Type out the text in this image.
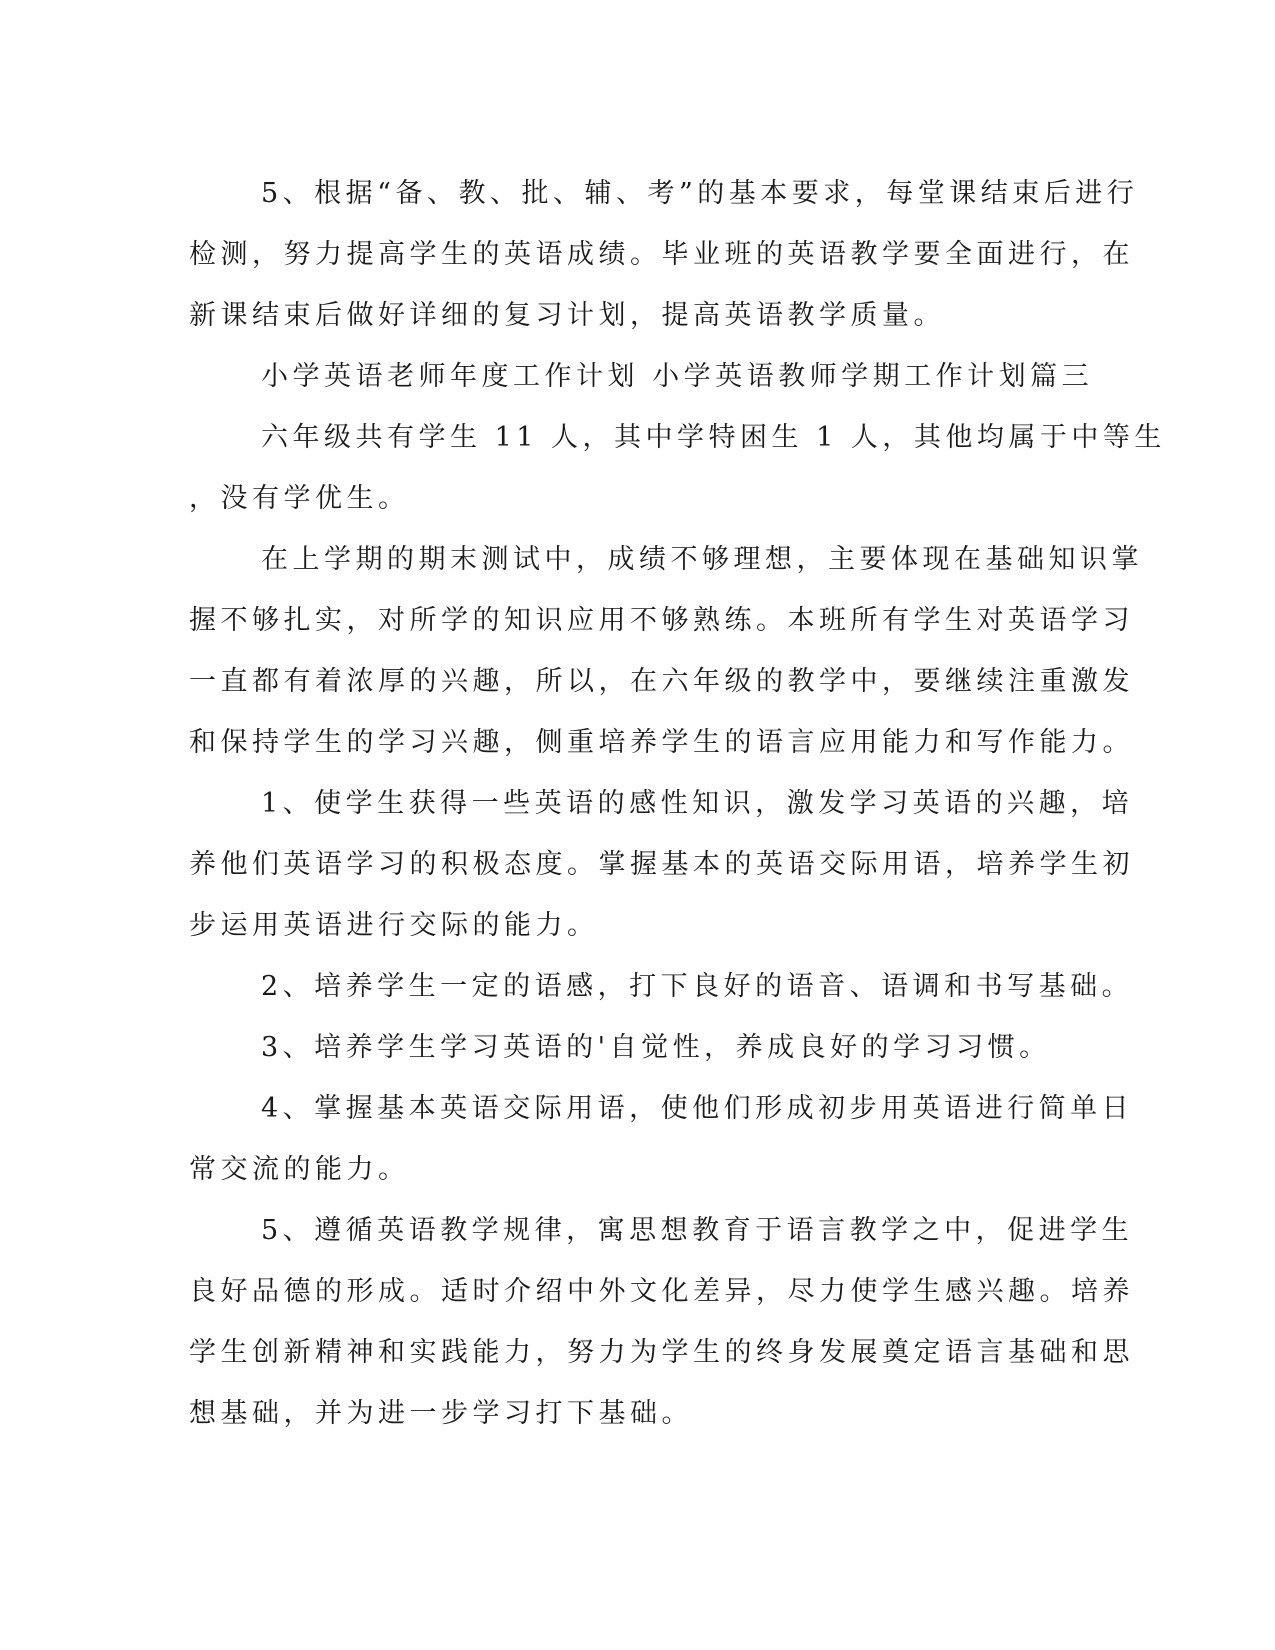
5、根据“备、教、批、辅、考”的基本要求，每堂课结束后进行
检测，努力提高学生的英语成绩。毕业班的英语教学要全面进行，在
新课结束后做好详细的复习计划，提高英语教学质量。
小学英语老师年度工作计划 小学英语教师学期工作计划篇三
六年级共有学生 11 人，其中学特困生 1 人，其他均属于中等生
，没有学优生。
在上学期的期末测试中，成绩不够理想，主要体现在基础知识掌
握不够扎实，对所学的知识应用不够熟练。本班所有学生对英语学习
一直都有着浓厚的兴趣，所以，在六年级的教学中，要继续注重激发
和保持学生的学习兴趣，侧重培养学生的语言应用能力和写作能力。
1、使学生获得一些英语的感性知识，激发学习英语的兴趣，培
养他们英语学习的积极态度。掌握基本的英语交际用语，培养学生初
步运用英语进行交际的能力。
2、培养学生一定的语感，打下良好的语音、语调和书写基础。
3、培养学生学习英语的'自觉性，养成良好的学习习惯。
4、掌握基本英语交际用语，使他们形成初步用英语进行简单日
常交流的能力。
5、遵循英语教学规律，寓思想教育于语言教学之中，促进学生
良好品德的形成。适时介绍中外文化差异，尽力使学生感兴趣。培养
学生创新精神和实践能力，努力为学生的终身发展奠定语言基础和思
想基础，并为进一步学习打下基础。
